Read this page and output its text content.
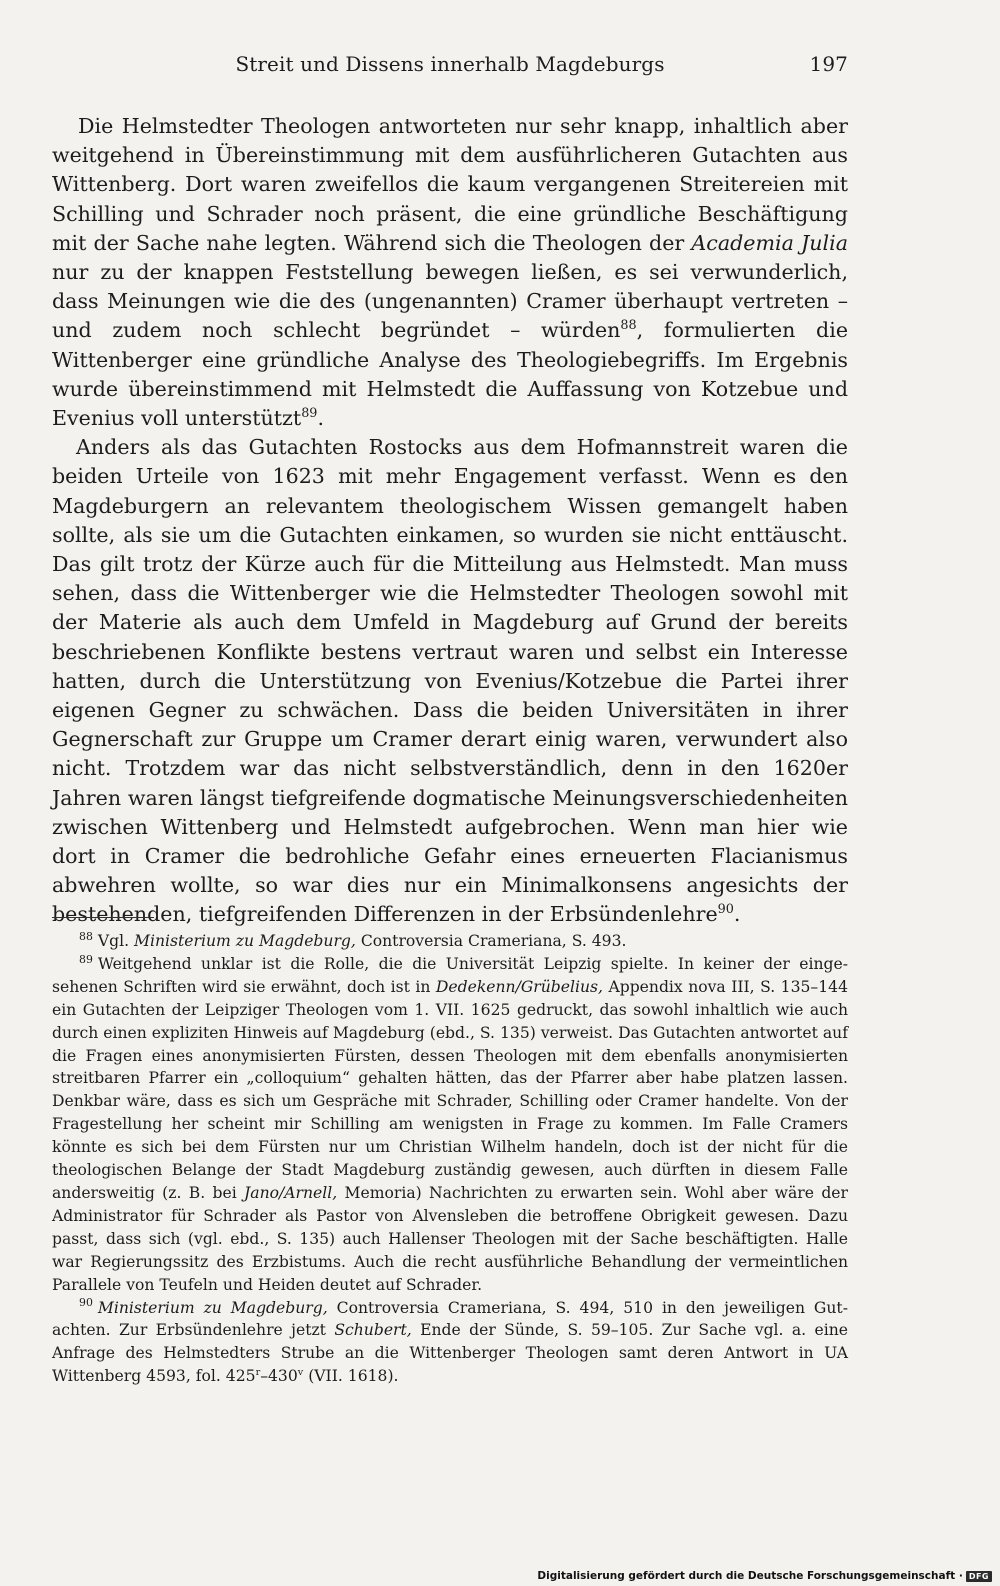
Streit und Dissens innerhalb Magdeburgs	197

Die Helmstedter Theologen antworteten nur sehr knapp, inhaltlich aber weitgehend in Übereinstimmung mit dem ausführlicheren Gutachten aus Wittenberg. Dort waren zweifellos die kaum vergangenen Streitereien mit Schilling und Schrader noch präsent, die eine gründliche Beschäftigung mit der Sache nahe legten. Während sich die Theologen der Academia Julia nur zu der knappen Feststellung bewegen ließen, es sei verwunderlich, dass Meinungen wie die des (ungenannten) Cramer überhaupt vertreten – und zudem noch schlecht begründet – würden$^{88}$, formulierten die Wittenberger eine gründliche Analyse des Theologiebegriffs. Im Ergebnis wurde übereinstimmend mit Helmstedt die Auffassung von Kotzebue und Evenius voll unterstützt$^{89}$.

Anders als das Gutachten Rostocks aus dem Hofmannstreit waren die beiden Urteile von 1623 mit mehr Engagement verfasst. Wenn es den Magdeburgern an relevantem theologischem Wissen gemangelt haben sollte, als sie um die Gutachten einkamen, so wurden sie nicht enttäuscht. Das gilt trotz der Kürze auch für die Mitteilung aus Helmstedt. Man muss sehen, dass die Wittenberger wie die Helmstedter Theologen sowohl mit der Materie als auch dem Umfeld in Magdeburg auf Grund der bereits beschriebenen Konflikte bestens vertraut waren und selbst ein Interesse hatten, durch die Unterstützung von Evenius/Kotzebue die Partei ihrer eigenen Gegner zu schwächen. Dass die beiden Universitäten in ihrer Gegnerschaft zur Gruppe um Cramer derart einig waren, verwundert also nicht. Trotzdem war das nicht selbstverständlich, denn in den 1620er Jahren waren längst tiefgreifende dogmatische Meinungsverschiedenheiten zwischen Wittenberg und Helmstedt aufgebrochen. Wenn man hier wie dort in Cramer die bedrohliche Gefahr eines erneuerten Flacianismus abwehren wollte, so war dies nur ein Minimalkonsens angesichts der bestehenden, tiefgreifenden Differenzen in der Erbsündenlehre$^{90}$.

$^{88}$ Vgl. Ministerium zu Magdeburg, Controversia Crameriana, S. 493.

$^{89}$ Weitgehend unklar ist die Rolle, die die Universität Leipzig spielte. In keiner der eingesehenen Schriften wird sie erwähnt, doch ist in Dedekenn/Grübelius, Appendix nova III, S. 135–144 ein Gutachten der Leipziger Theologen vom 1. VII. 1625 gedruckt, das sowohl inhaltlich wie auch durch einen expliziten Hinweis auf Magdeburg (ebd., S. 135) verweist. Das Gutachten antwortet auf die Fragen eines anonymisierten Fürsten, dessen Theologen mit dem ebenfalls anonymisierten streitbaren Pfarrer ein „colloquium“ gehalten hätten, das der Pfarrer aber habe platzen lassen. Denkbar wäre, dass es sich um Gespräche mit Schrader, Schilling oder Cramer handelte. Von der Fragestellung her scheint mir Schilling am wenigsten in Frage zu kommen. Im Falle Cramers könnte es sich bei dem Fürsten nur um Christian Wilhelm handeln, doch ist der nicht für die theologischen Belange der Stadt Magdeburg zuständig gewesen, auch dürften in diesem Falle andersweitig (z. B. bei Jano/Arnell, Memoria) Nachrichten zu erwarten sein. Wohl aber wäre der Administrator für Schrader als Pastor von Alvensleben die betroffene Obrigkeit gewesen. Dazu passt, dass sich (vgl. ebd., S. 135) auch Hallenser Theologen mit der Sache beschäftigten. Halle war Regierungssitz des Erzbistums. Auch die recht ausführliche Behandlung der vermeintlichen Parallele von Teufeln und Heiden deutet auf Schrader.

$^{90}$ Ministerium zu Magdeburg, Controversia Crameriana, S. 494, 510 in den jeweiligen Gutachten. Zur Erbsündenlehre jetzt Schubert, Ende der Sünde, S. 59–105. Zur Sache vgl. a. eine Anfrage des Helmstedters Strube an die Wittenberger Theologen samt deren Antwort in UA Wittenberg 4593, fol. 425$^r$–430$^v$ (VII. 1618).

Digitalisierung gefördert durch die Deutsche Forschungsgemeinschaft · DFG
